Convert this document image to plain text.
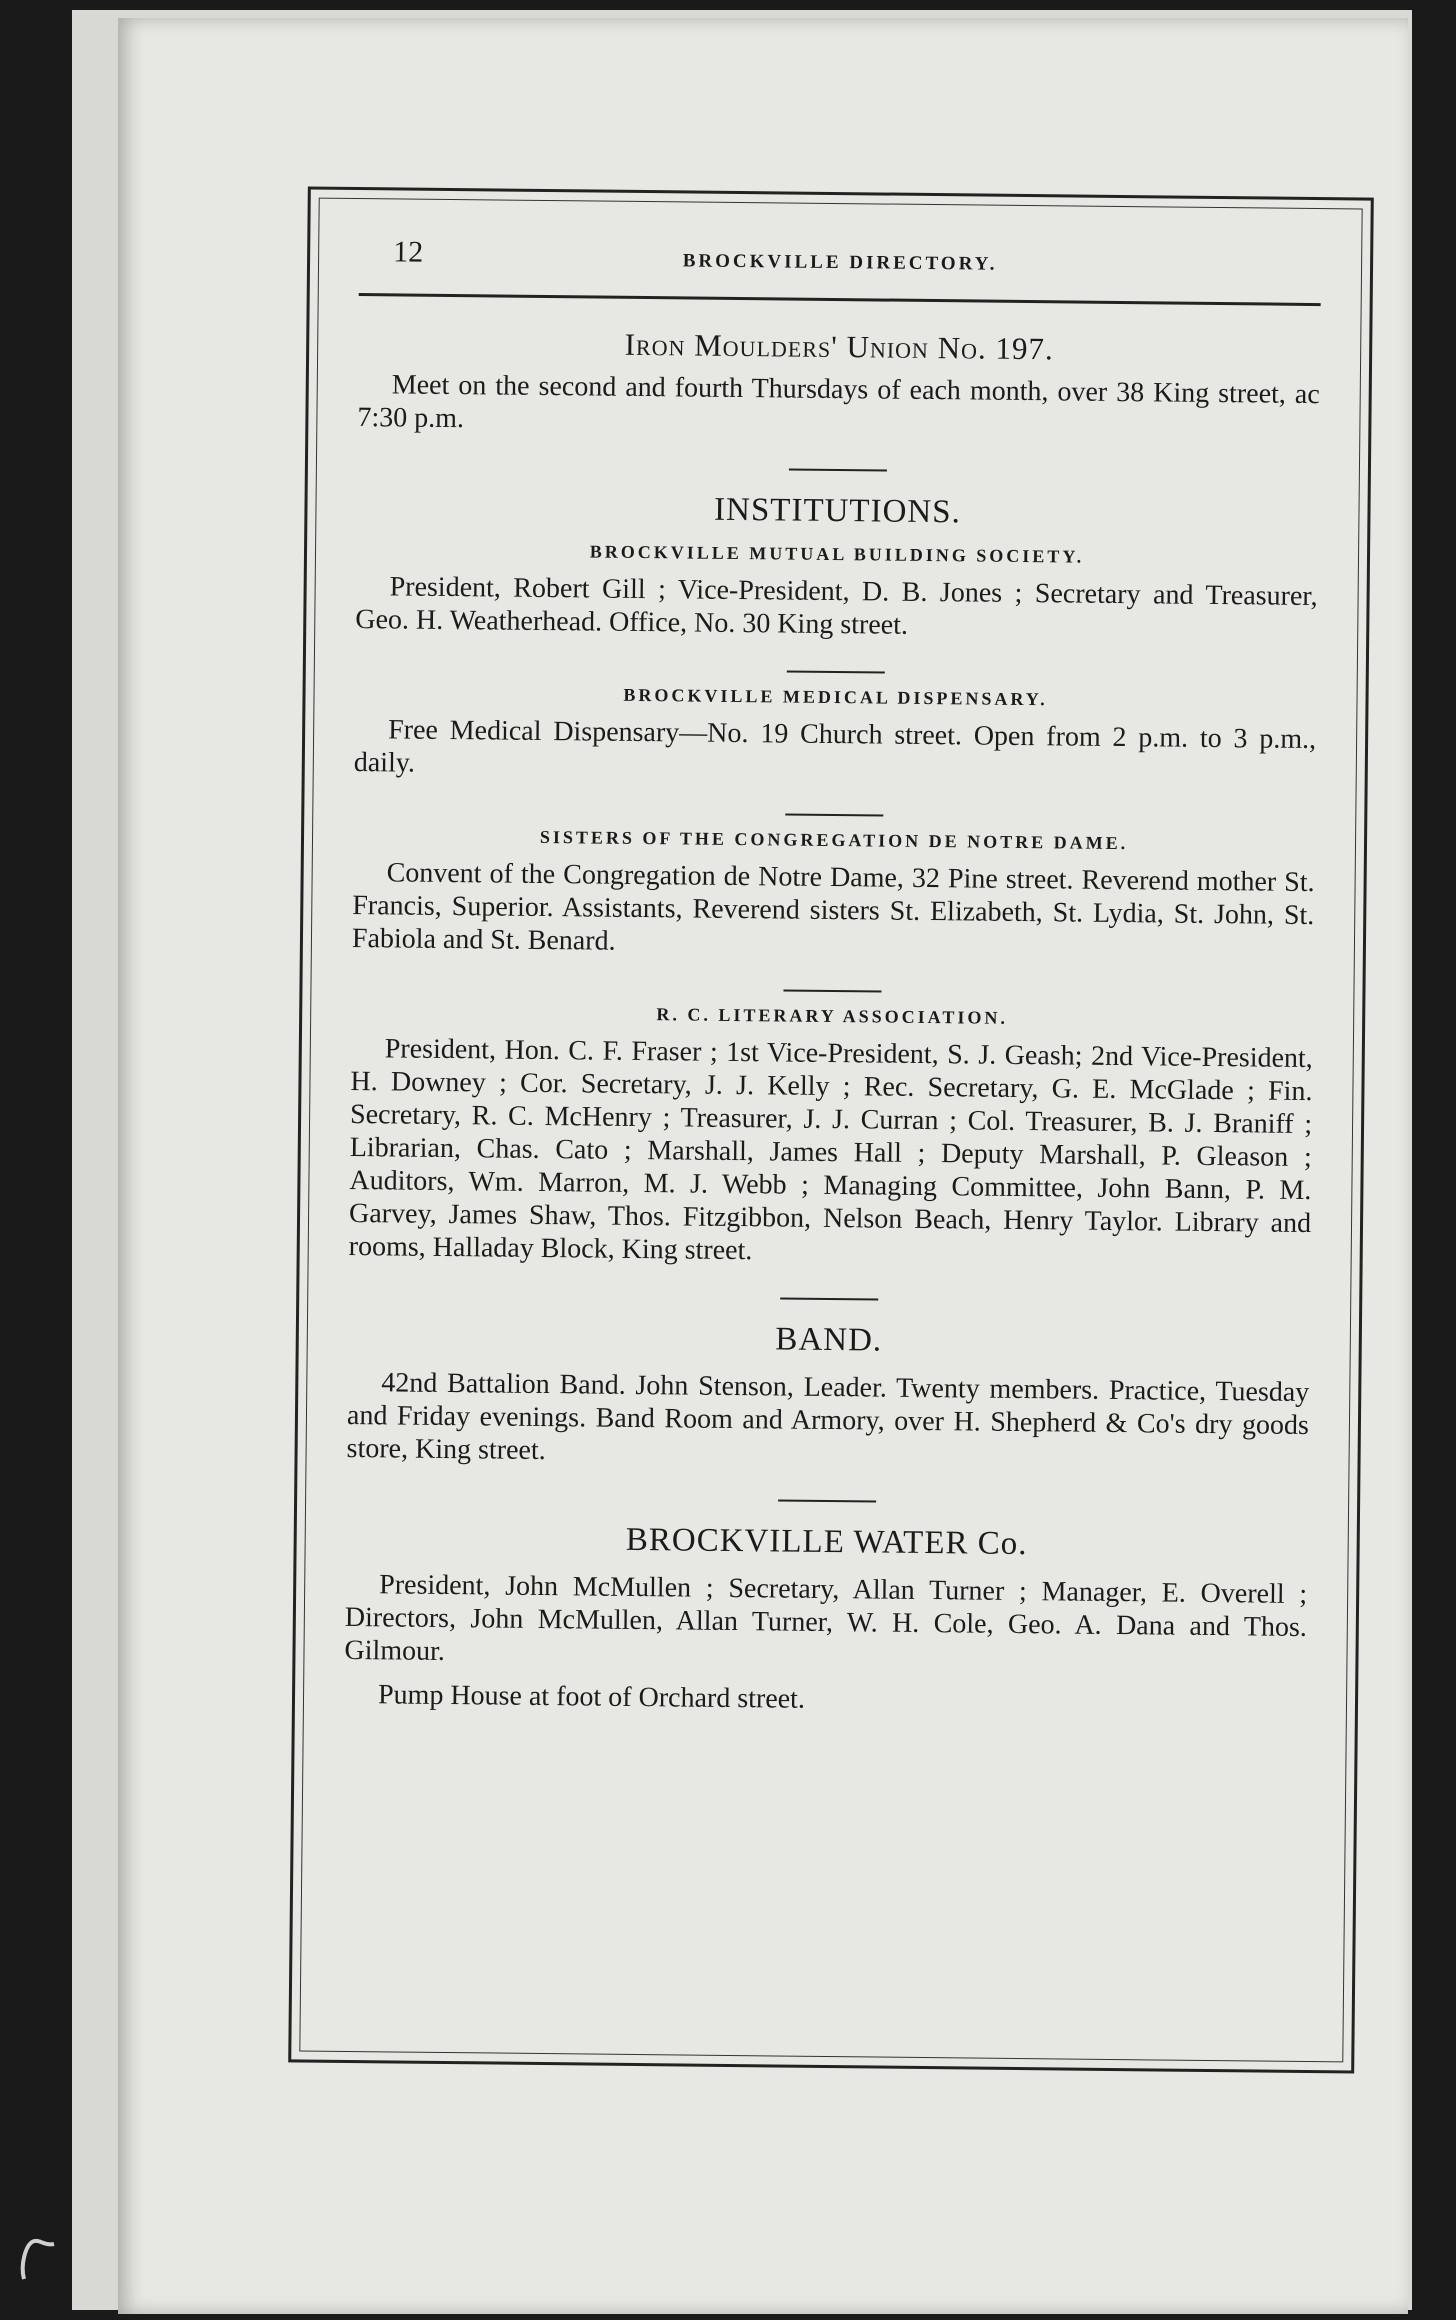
12	BROCKVILLE DIRECTORY.
Iron Moulders' Union No. 197.

Meet on the second and fourth Thursdays of each month, over 38 King street, ac 7:30 p.m.

INSTITUTIONS.
BROCKVILLE MUTUAL BUILDING SOCIETY.

President, Robert Gill ; Vice-President, D. B. Jones ; Secretary and Treasurer, Geo. H. Weatherhead. Office, No. 30 King street.

BROCKVILLE MEDICAL DISPENSARY.

Free Medical Dispensary—No. 19 Church street. Open from 2 p.m. to 3 p.m., daily.

SISTERS OF THE CONGREGATION DE NOTRE DAME.

Convent of the Congregation de Notre Dame, 32 Pine street. Reverend mother St. Francis, Superior. Assistants, Reverend sisters St. Elizabeth, St. Lydia, St. John, St. Fabiola and St. Benard.

R. C. LITERARY ASSOCIATION.

President, Hon. C. F. Fraser ; 1st Vice-President, S. J. Geash; 2nd Vice-President, H. Downey ; Cor. Secretary, J. J. Kelly ; Rec. Secretary, G. E. McGlade ; Fin. Secretary, R. C. McHenry ; Treasurer, J. J. Curran ; Col. Treasurer, B. J. Braniff ; Librarian, Chas. Cato ; Marshall, James Hall ; Deputy Marshall, P. Gleason ; Auditors, Wm. Marron, M. J. Webb ; Managing Committee, John Bann, P. M. Garvey, James Shaw, Thos. Fitzgibbon, Nelson Beach, Henry Taylor. Library and rooms, Halladay Block, King street.

BAND.

42nd Battalion Band. John Stenson, Leader. Twenty members. Practice, Tuesday and Friday evenings. Band Room and Armory, over H. Shepherd & Co's dry goods store, King street.

BROCKVILLE WATER Co.

President, John McMullen ; Secretary, Allan Turner ; Manager, E. Overell ; Directors, John McMullen, Allan Turner, W. H. Cole, Geo. A. Dana and Thos. Gilmour.

Pump House at foot of Orchard street.
